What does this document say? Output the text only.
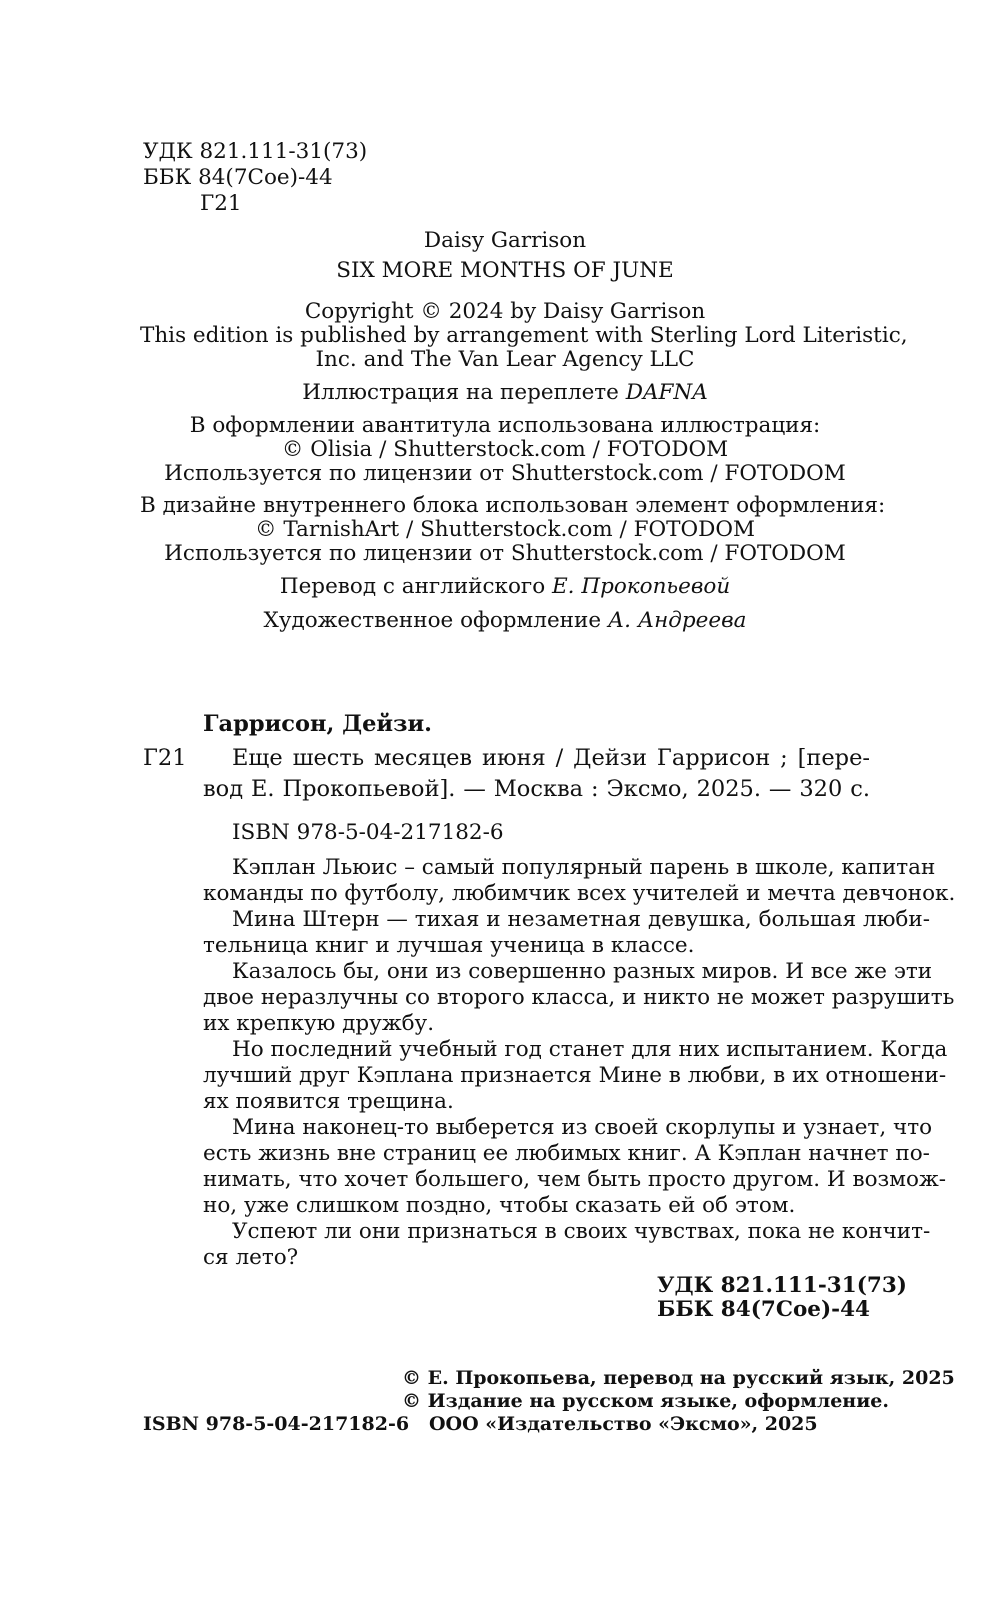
УДК 821.111-31(73)
ББК 84(7Сое)-44
Г21
Daisy Garrison
SIX MORE MONTHS OF JUNE
Copyright © 2024 by Daisy Garrison
This edition is published by arrangement with Sterling Lord Literistic,
Inc. and The Van Lear Agency LLC
Иллюстрация на переплете DAFNA
В оформлении авантитула использована иллюстрация:
© Olisia / Shutterstock.com / FOTODOM
Используется по лицензии от Shutterstock.com / FOTODOM
В дизайне внутреннего блока использован элемент оформления:
© TarnishArt / Shutterstock.com / FOTODOM
Используется по лицензии от Shutterstock.com / FOTODOM
Перевод с английского Е. Прокопьевой
Художественное оформление А. Андреева
Гаррисон, Дейзи.
Г21 Еще шесть месяцев июня / Дейзи Гаррисон ; [пере-
вод Е. Прокопьевой]. — Москва : Эксмо, 2025. — 320 с.
ISBN 978-5-04-217182-6
Кэплан Льюис – самый популярный парень в школе, капитан
команды по футболу, любимчик всех учителей и мечта девчонок.
Мина Штерн — тихая и незаметная девушка, большая люби-
тельница книг и лучшая ученица в классе.
Казалось бы, они из совершенно разных миров. И все же эти
двое неразлучны со второго класса, и никто не может разрушить
их крепкую дружбу.
Но последний учебный год станет для них испытанием. Когда
лучший друг Кэплана признается Мине в любви, в их отношени-
ях появится трещина.
Мина наконец-то выберется из своей скорлупы и узнает, что
есть жизнь вне страниц ее любимых книг. А Кэплан начнет по-
нимать, что хочет большего, чем быть просто другом. И возмож-
но, уже слишком поздно, чтобы сказать ей об этом.
Успеют ли они признаться в своих чувствах, пока не кончит-
ся лето?
УДК 821.111-31(73)
ББК 84(7Сое)-44
© Е. Прокопьева, перевод на русский язык, 2025
© Издание на русском языке, оформление.
ISBN 978-5-04-217182-6 ООО «Издательство «Эксмо», 2025
